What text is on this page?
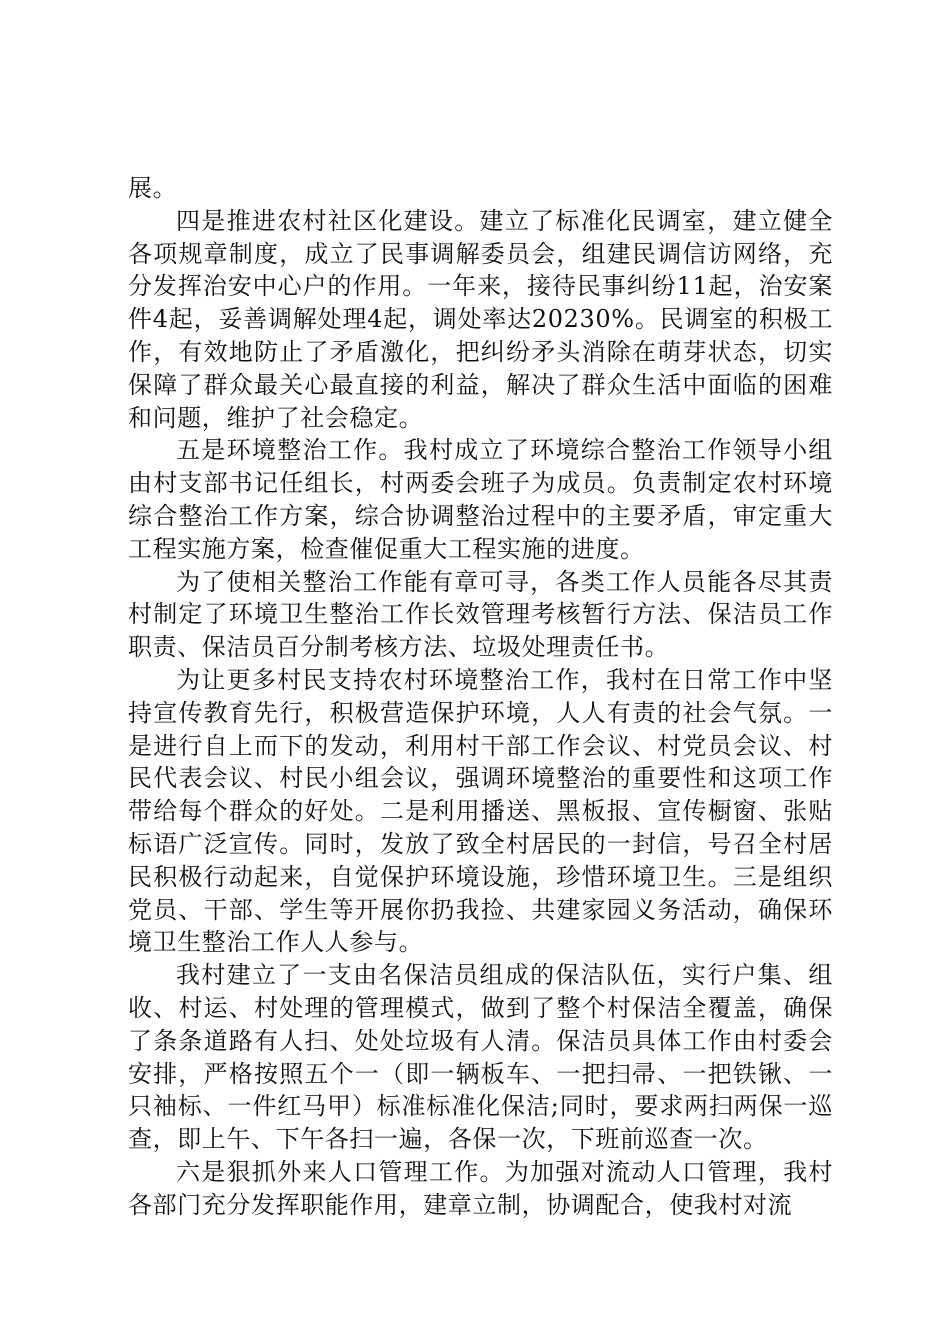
展。

四是推进农村社区化建设。建立了标准化民调室，建立健全各项规章制度，成立了民事调解委员会，组建民调信访网络，充分发挥治安中心户的作用。一年来，接待民事纠纷11起，治安案件4起，妥善调解处理4起，调处率达20230%。民调室的积极工作，有效地防止了矛盾激化，把纠纷矛头消除在萌芽状态，切实保障了群众最关心最直接的利益，解决了群众生活中面临的困难和问题，维护了社会稳定。

五是环境整治工作。我村成立了环境综合整治工作领导小组由村支部书记任组长，村两委会班子为成员。负责制定农村环境综合整治工作方案，综合协调整治过程中的主要矛盾，审定重大工程实施方案，检查催促重大工程实施的进度。

为了使相关整治工作能有章可寻，各类工作人员能各尽其责村制定了环境卫生整治工作长效管理考核暂行方法、保洁员工作职责、保洁员百分制考核方法、垃圾处理责任书。

为让更多村民支持农村环境整治工作，我村在日常工作中坚持宣传教育先行，积极营造保护环境，人人有责的社会气氛。一是进行自上而下的发动，利用村干部工作会议、村党员会议、村民代表会议、村民小组会议，强调环境整治的重要性和这项工作带给每个群众的好处。二是利用播送、黑板报、宣传橱窗、张贴标语广泛宣传。同时，发放了致全村居民的一封信，号召全村居民积极行动起来，自觉保护环境设施，珍惜环境卫生。三是组织党员、干部、学生等开展你扔我捡、共建家园义务活动，确保环境卫生整治工作人人参与。

我村建立了一支由名保洁员组成的保洁队伍，实行户集、组收、村运、村处理的管理模式，做到了整个村保洁全覆盖，确保了条条道路有人扫、处处垃圾有人清。保洁员具体工作由村委会安排，严格按照五个一（即一辆板车、一把扫帚、一把铁锹、一只袖标、一件红马甲）标准标准化保洁;同时，要求两扫两保一巡查，即上午、下午各扫一遍，各保一次，下班前巡查一次。

六是狠抓外来人口管理工作。为加强对流动人口管理，我村各部门充分发挥职能作用，建章立制，协调配合，使我村对流
